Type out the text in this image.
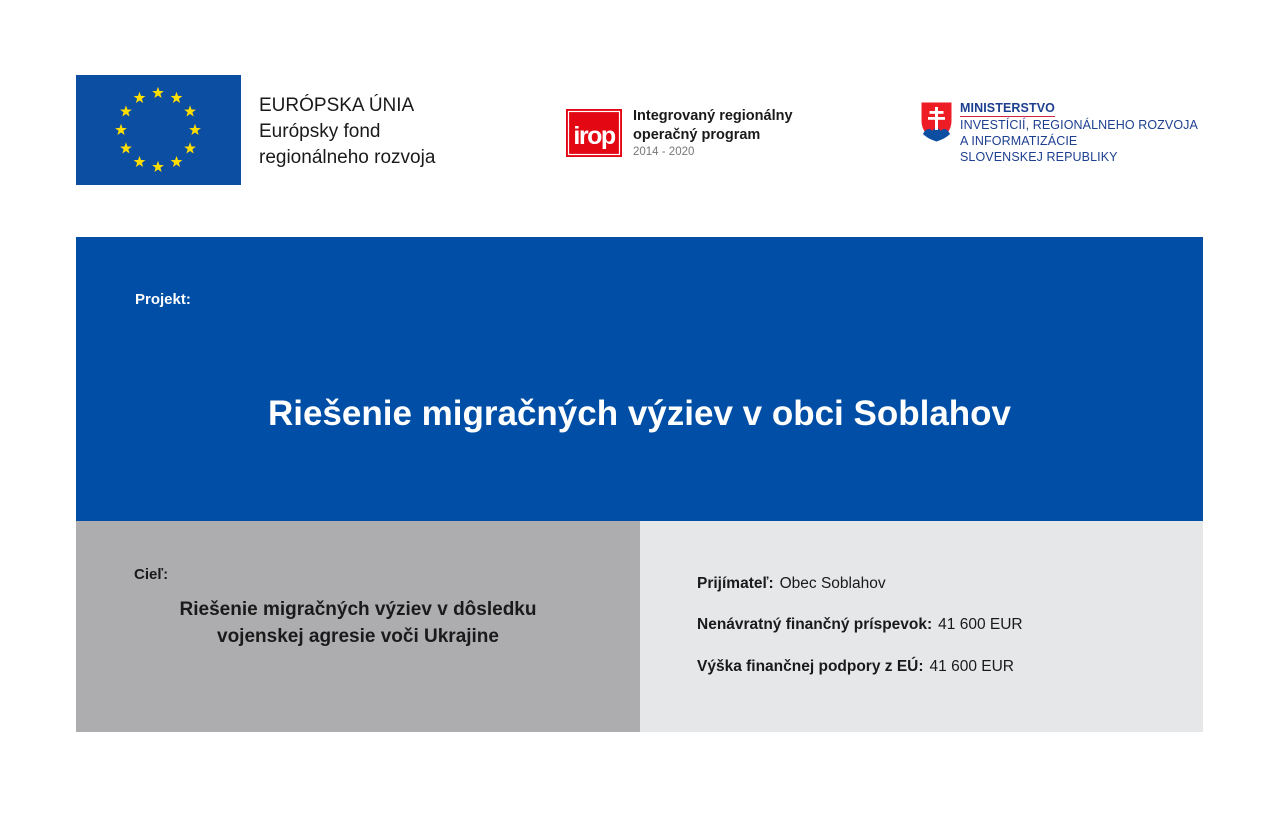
EURÓPSKA ÚNIA
Európsky fond
regionálneho rozvoja
irop
Integrovaný regionálny
operačný program
2014 - 2020
MINISTERSTVO
INVESTÍCIÍ, REGIONÁLNEHO ROZVOJA
A INFORMATIZÁCIE
SLOVENSKEJ REPUBLIKY
Projekt:
Riešenie migračných výziev v obci Soblahov
Cieľ:
Riešenie migračných výziev v dôsledku
vojenskej agresie voči Ukrajine
Prijímateľ: Obec Soblahov
Nenávratný finančný príspevok: 41 600 EUR
Výška finančnej podpory z EÚ: 41 600 EUR
